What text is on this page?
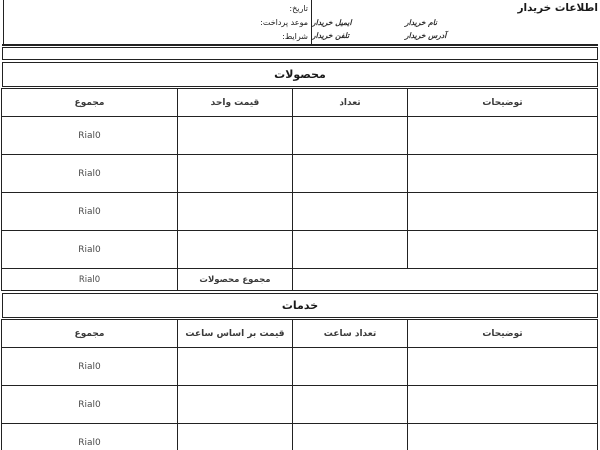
اطلاعات خریدار
نام خریدار
ایمیل خریدار
آدرس خریدار
تلفن خریدار
تاریخ:
موعد پرداخت:
شرایط:
محصولات
توضیحات	تعداد	قیمت واحد	مجموع
			Rial0
			Rial0
			Rial0
			Rial0
		مجموع محصولات	Rial0
خدمات
توضیحات	تعداد ساعت	قیمت بر اساس ساعت	مجموع
			Rial0
			Rial0
			Rial0
